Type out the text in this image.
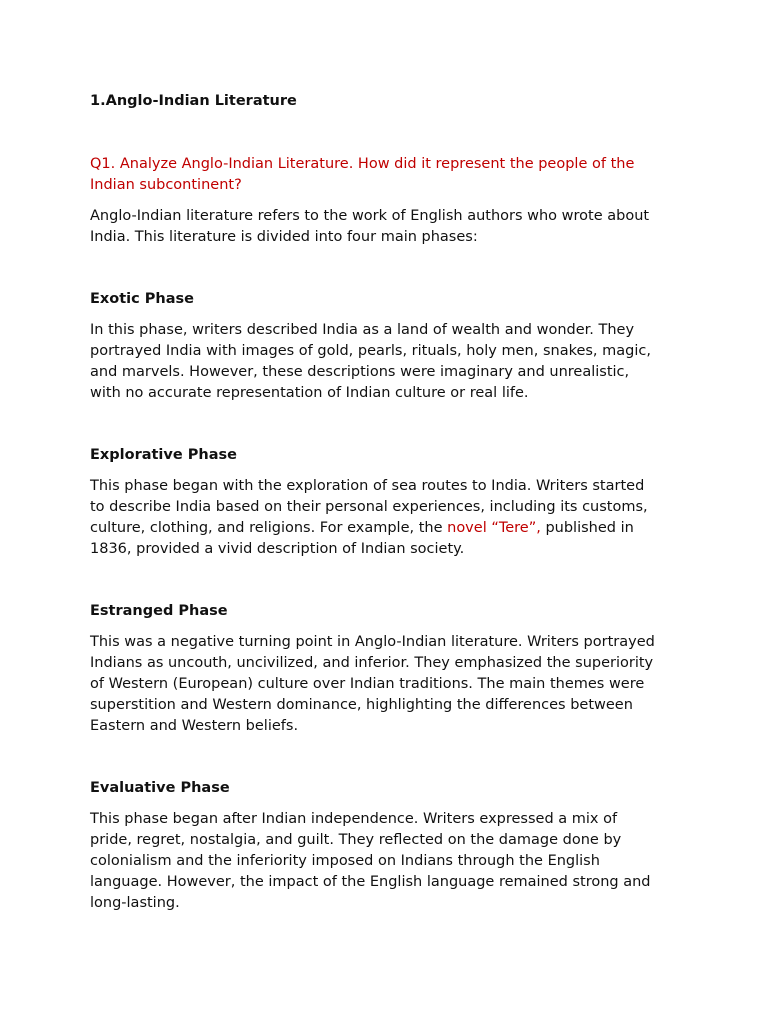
1.Anglo-Indian Literature

Q1. Analyze Anglo-Indian Literature. How did it represent the people of the
Indian subcontinent?

Anglo-Indian literature refers to the work of English authors who wrote about
India. This literature is divided into four main phases:

Exotic Phase

In this phase, writers described India as a land of wealth and wonder. They
portrayed India with images of gold, pearls, rituals, holy men, snakes, magic,
and marvels. However, these descriptions were imaginary and unrealistic,
with no accurate representation of Indian culture or real life.

Explorative Phase

This phase began with the exploration of sea routes to India. Writers started
to describe India based on their personal experiences, including its customs,
culture, clothing, and religions. For example, the novel “Tere”, published in
1836, provided a vivid description of Indian society.

Estranged Phase

This was a negative turning point in Anglo-Indian literature. Writers portrayed
Indians as uncouth, uncivilized, and inferior. They emphasized the superiority
of Western (European) culture over Indian traditions. The main themes were
superstition and Western dominance, highlighting the differences between
Eastern and Western beliefs.

Evaluative Phase

This phase began after Indian independence. Writers expressed a mix of
pride, regret, nostalgia, and guilt. They reflected on the damage done by
colonialism and the inferiority imposed on Indians through the English
language. However, the impact of the English language remained strong and
long-lasting.
